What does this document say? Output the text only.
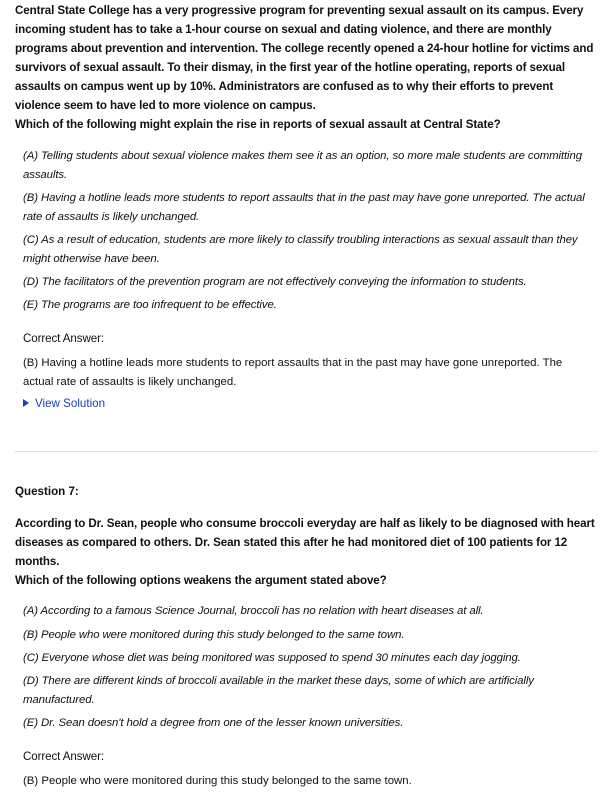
Central State College has a very progressive program for preventing sexual assault on its campus. Every incoming student has to take a 1-hour course on sexual and dating violence, and there are monthly programs about prevention and intervention. The college recently opened a 24-hour hotline for victims and survivors of sexual assault. To their dismay, in the first year of the hotline operating, reports of sexual assaults on campus went up by 10%. Administrators are confused as to why their efforts to prevent violence seem to have led to more violence on campus.

Which of the following might explain the rise in reports of sexual assault at Central State?

(A) Telling students about sexual violence makes them see it as an option, so more male students are committing assaults.
(B) Having a hotline leads more students to report assaults that in the past may have gone unreported. The actual rate of assaults is likely unchanged.
(C) As a result of education, students are more likely to classify troubling interactions as sexual assault than they might otherwise have been.
(D) The facilitators of the prevention program are not effectively conveying the information to students.
(E) The programs are too infrequent to be effective.
Correct Answer:
(B) Having a hotline leads more students to report assaults that in the past may have gone unreported. The actual rate of assaults is likely unchanged.
View Solution
Question 7:

According to Dr. Sean, people who consume broccoli everyday are half as likely to be diagnosed with heart diseases as compared to others. Dr. Sean stated this after he had monitored diet of 100 patients for 12 months.

Which of the following options weakens the argument stated above?

(A) According to a famous Science Journal, broccoli has no relation with heart diseases at all.
(B) People who were monitored during this study belonged to the same town.
(C) Everyone whose diet was being monitored was supposed to spend 30 minutes each day jogging.
(D) There are different kinds of broccoli available in the market these days, some of which are artificially manufactured.
(E) Dr. Sean doesn't hold a degree from one of the lesser known universities.
Correct Answer:
(B) People who were monitored during this study belonged to the same town.
